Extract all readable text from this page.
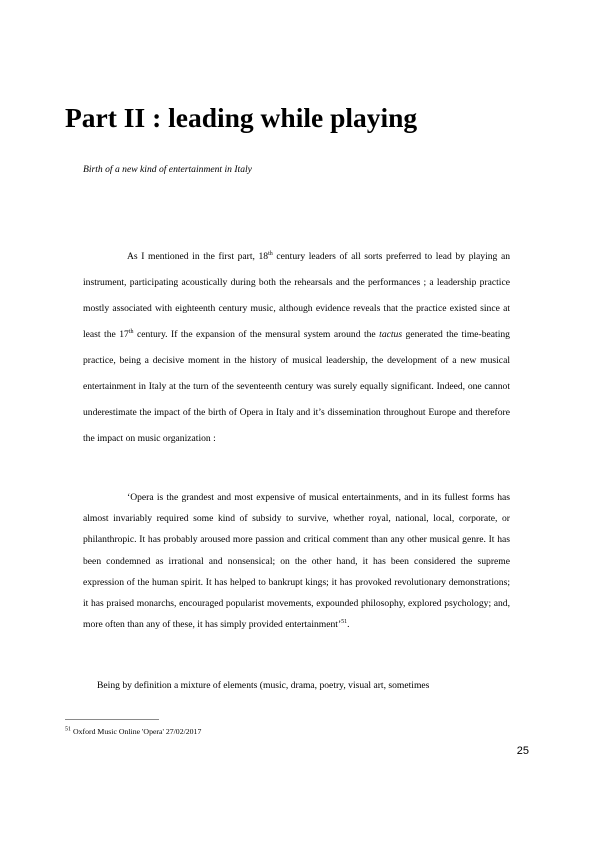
Part II : leading while playing

Birth of a new kind of entertainment in Italy

As I mentioned in the first part, 18th century leaders of all sorts preferred to lead by playing an instrument, participating acoustically during both the rehearsals and the performances ; a leadership practice mostly associated with eighteenth century music, although evidence reveals that the practice existed since at least the 17th century. If the expansion of the mensural system around the tactus generated the time-beating practice, being a decisive moment in the history of musical leadership, the development of a new musical entertainment in Italy at the turn of the seventeenth century was surely equally significant. Indeed, one cannot underestimate the impact of the birth of Opera in Italy and it’s dissemination throughout Europe and therefore the impact on music organization :

‘Opera is the grandest and most expensive of musical entertainments, and in its fullest forms has almost invariably required some kind of subsidy to survive, whether royal, national, local, corporate, or philanthropic. It has probably aroused more passion and critical comment than any other musical genre. It has been condemned as irrational and nonsensical; on the other hand, it has been considered the supreme expression of the human spirit. It has helped to bankrupt kings; it has provoked revolutionary demonstrations; it has praised monarchs, encouraged popularist movements, expounded philosophy, explored psychology; and, more often than any of these, it has simply provided entertainment’$^{51}$.

Being by definition a mixture of elements (music, drama, poetry, visual art, sometimes

$^{51}$ Oxford Music Online 'Opera' 27/02/2017

25
